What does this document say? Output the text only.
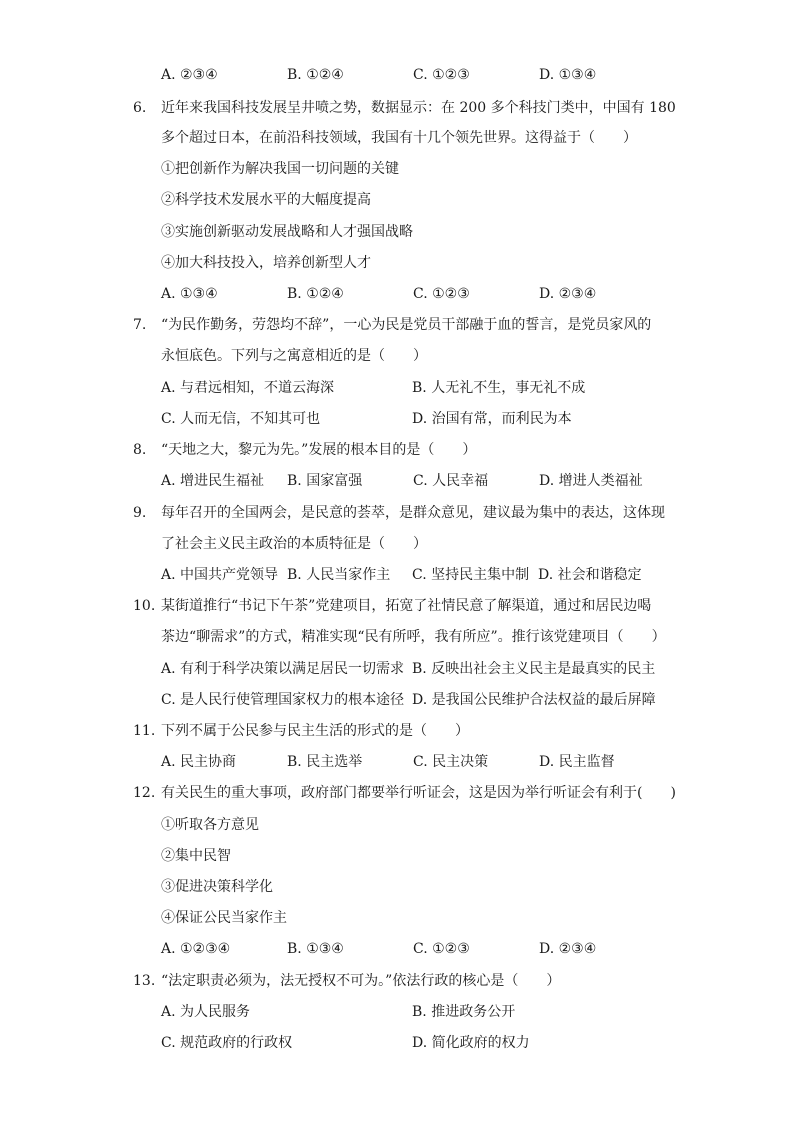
A. ②③④	B. ①②④	C. ①②③	D. ①③④
6. 近年来我国科技发展呈井喷之势，数据显示：在 200 多个科技门类中，中国有 180
多个超过日本，在前沿科技领域，我国有十几个领先世界。这得益于（　　）
①把创新作为解决我国一切问题的关键
②科学技术发展水平的大幅度提高
③实施创新驱动发展战略和人才强国战略
④加大科技投入，培养创新型人才
A. ①③④	B. ①②④	C. ①②③	D. ②③④
7. “为民作勤务，劳怨均不辞”，一心为民是党员干部融于血的誓言，是党员家风的
永恒底色。下列与之寓意相近的是（　　）
A. 与君远相知，不道云海深	B. 人无礼不生，事无礼不成
C. 人而无信，不知其可也	D. 治国有常，而利民为本
8. “天地之大，黎元为先。”发展的根本目的是（　　）
A. 增进民生福祉 B. 国家富强	C. 人民幸福	D. 增进人类福祉
9. 每年召开的全国两会，是民意的荟萃，是群众意见，建议最为集中的表达，这体现
了社会主义民主政治的本质特征是（　　）
A. 中国共产党领导 B. 人民当家作主 C. 坚持民主集中制 D. 社会和谐稳定
10. 某街道推行“书记下午茶”党建项目，拓宽了社情民意了解渠道，通过和居民边喝
茶边“聊需求”的方式，精准实现“民有所呼，我有所应”。推行该党建项目（　　）
A. 有利于科学决策以满足居民一切需求 B. 反映出社会主义民主是最真实的民主
C. 是人民行使管理国家权力的根本途径 D. 是我国公民维护合法权益的最后屏障
11. 下列不属于公民参与民主生活的形式的是（　　）
A. 民主协商	B. 民主选举	C. 民主决策	D. 民主监督
12. 有关民生的重大事项，政府部门都要举行听证会，这是因为举行听证会有利于(　　)
①听取各方意见
②集中民智
③促进决策科学化
④保证公民当家作主
A. ①②③④	B. ①③④	C. ①②③	D. ②③④
13. “法定职责必须为，法无授权不可为。”依法行政的核心是（　　）
A. 为人民服务	B. 推进政务公开
C. 规范政府的行政权	D. 简化政府的权力
